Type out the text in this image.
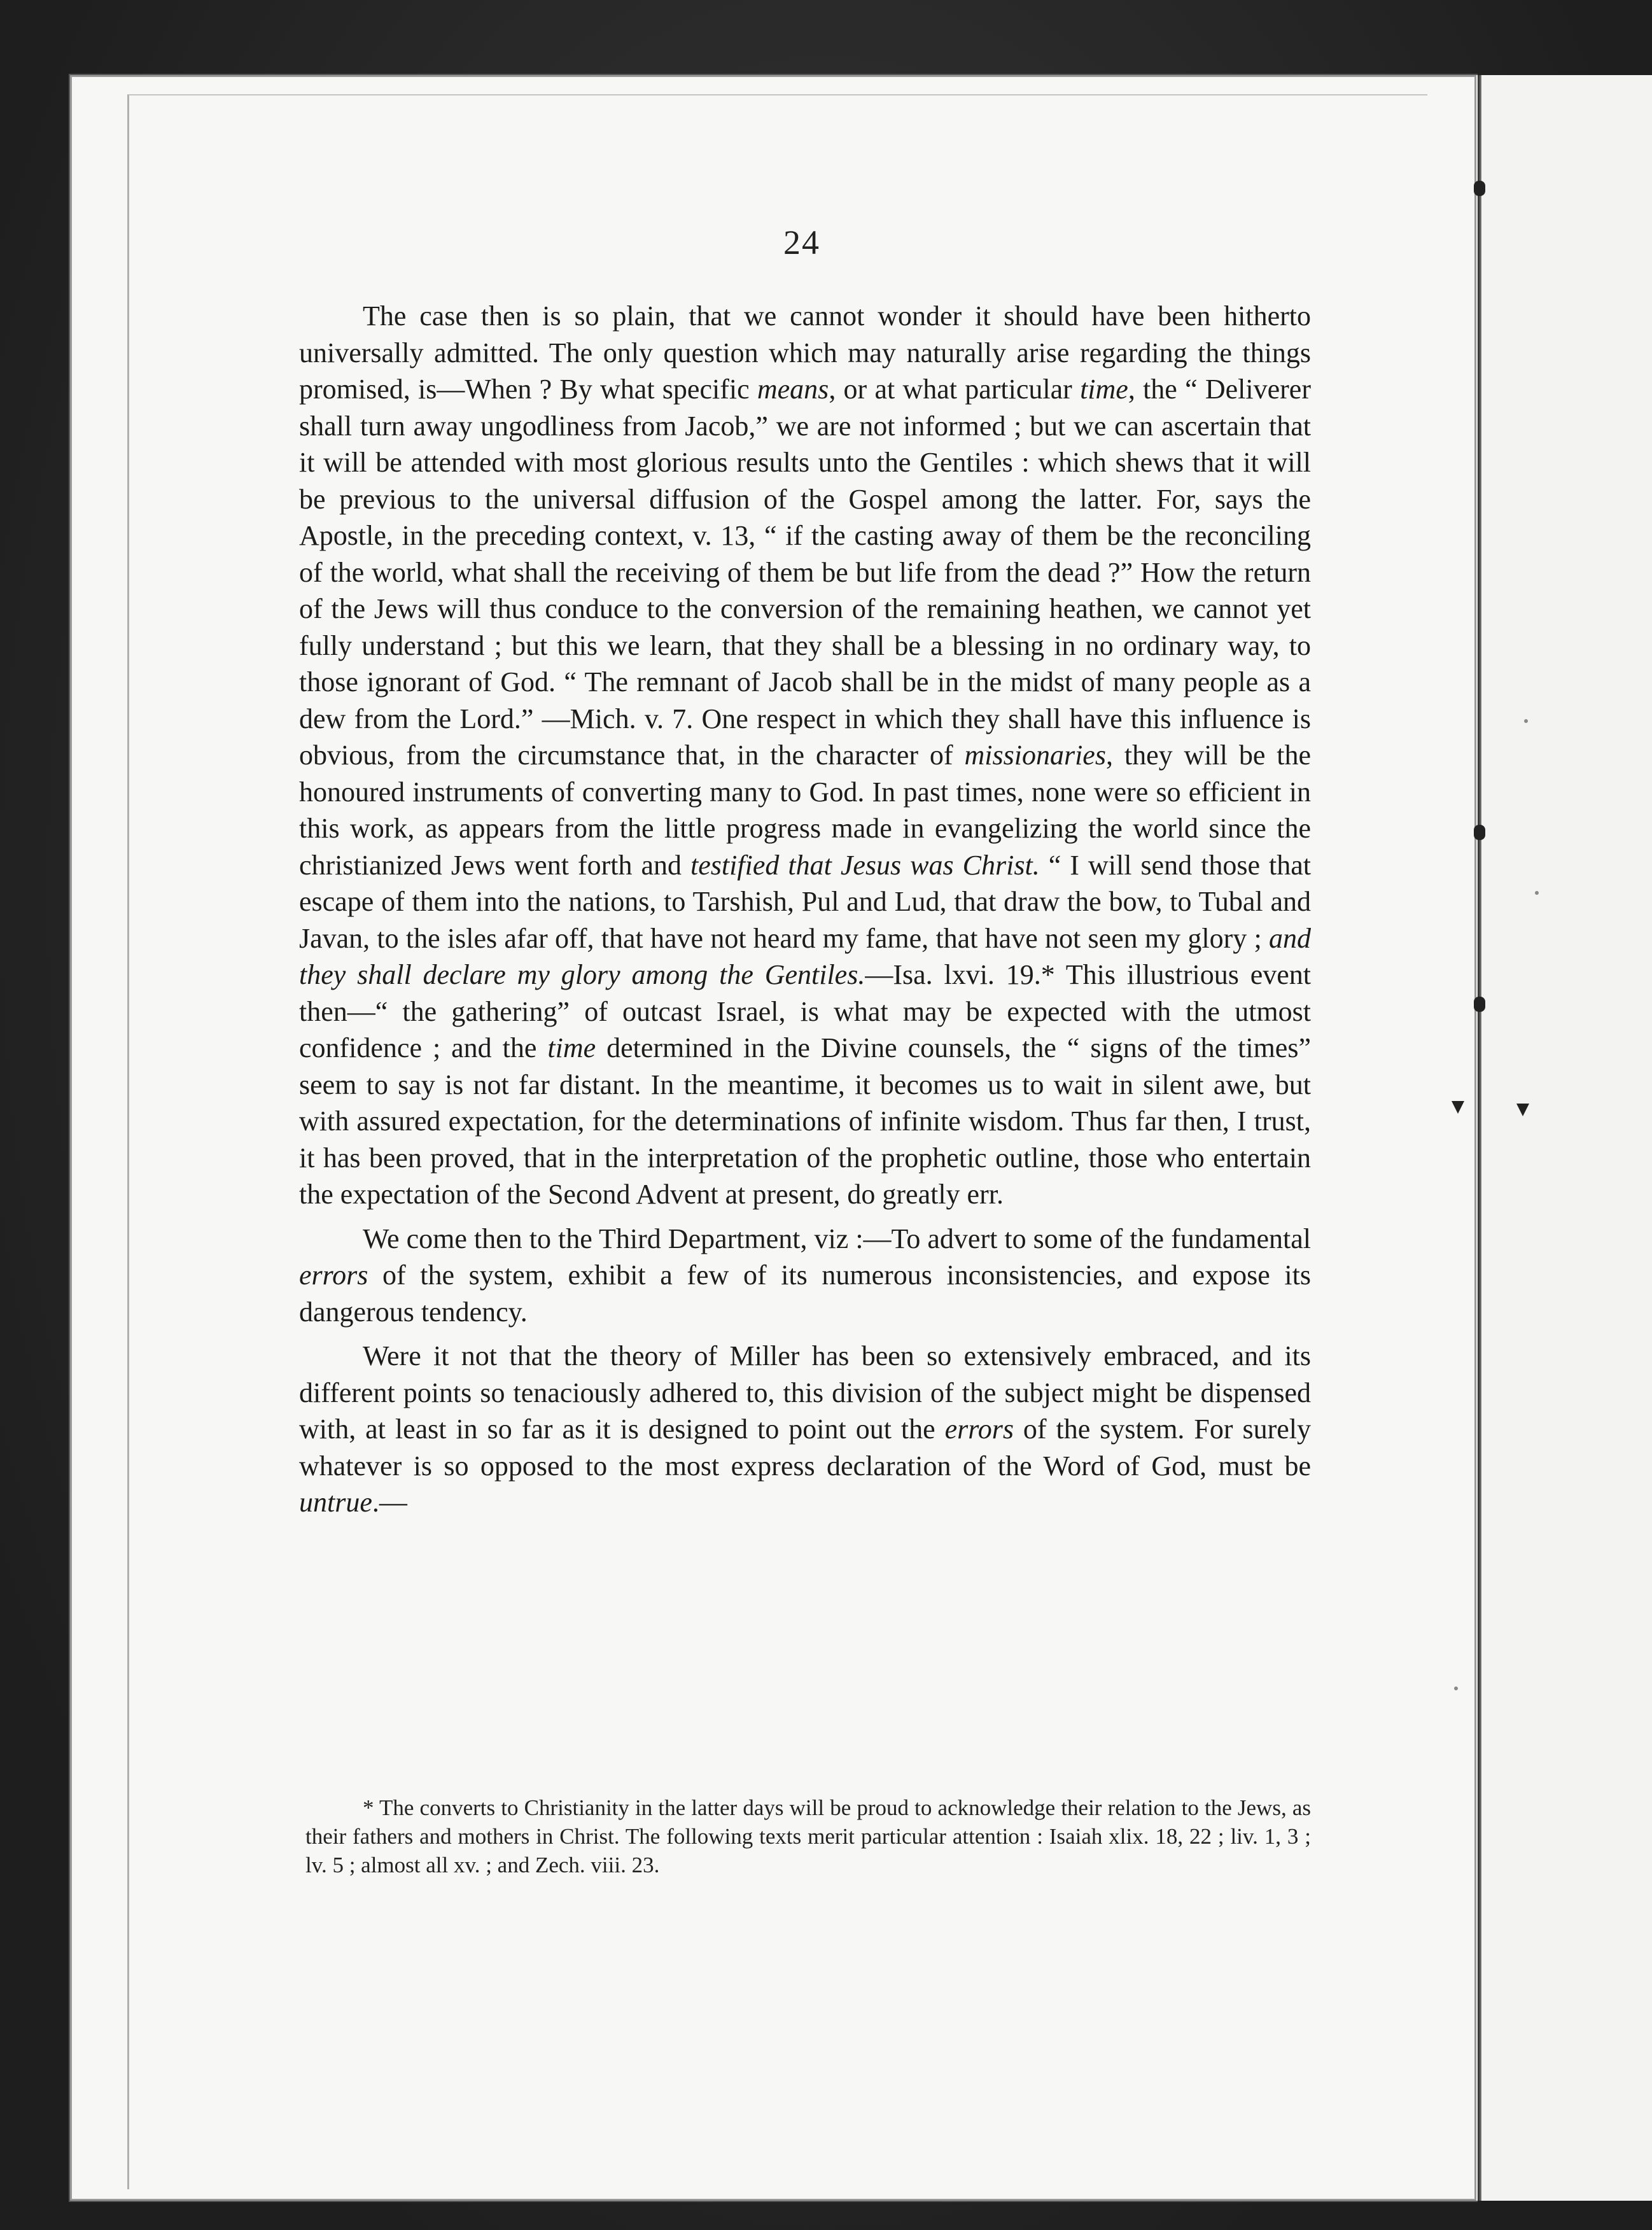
24

The case then is so plain, that we cannot wonder it should have been hitherto universally admitted. The only question which may naturally arise regarding the things promised, is—When ? By what specific means, or at what particular time, the “ Deliverer shall turn away ungodliness from Jacob,” we are not informed ; but we can ascertain that it will be attended with most glorious results unto the Gentiles : which shews that it will be previous to the universal diffusion of the Gospel among the latter. For, says the Apostle, in the preceding context, v. 13, “ if the casting away of them be the reconciling of the world, what shall the receiving of them be but life from the dead ?” How the return of the Jews will thus conduce to the conversion of the remaining heathen, we cannot yet fully understand ; but this we learn, that they shall be a blessing in no ordinary way, to those ignorant of God. “ The remnant of Jacob shall be in the midst of many people as a dew from the Lord.” —Mich. v. 7. One respect in which they shall have this influence is obvious, from the circumstance that, in the character of missionaries, they will be the honoured instruments of converting many to God. In past times, none were so efficient in this work, as appears from the little progress made in evangelizing the world since the christianized Jews went forth and testified that Jesus was Christ. “ I will send those that escape of them into the nations, to Tarshish, Pul and Lud, that draw the bow, to Tubal and Javan, to the isles afar off, that have not heard my fame, that have not seen my glory ; and they shall declare my glory among the Gentiles.—Isa. lxvi. 19.* This illustrious event then—“ the gathering” of outcast Israel, is what may be expected with the utmost confidence ; and the time determined in the Divine counsels, the “ signs of the times” seem to say is not far distant. In the meantime, it becomes us to wait in silent awe, but with assured expectation, for the determinations of infinite wisdom. Thus far then, I trust, it has been proved, that in the interpretation of the prophetic outline, those who entertain the expectation of the Second Advent at present, do greatly err.

We come then to the Third Department, viz :—To advert to some of the fundamental errors of the system, exhibit a few of its numerous inconsistencies, and expose its dangerous tendency.

Were it not that the theory of Miller has been so extensively embraced, and its different points so tenaciously adhered to, this division of the subject might be dispensed with, at least in so far as it is designed to point out the errors of the system. For surely whatever is so opposed to the most express declaration of the Word of God, must be untrue.—

* The converts to Christianity in the latter days will be proud to acknowledge their relation to the Jews, as their fathers and mothers in Christ. The following texts merit particular attention : Isaiah xlix. 18, 22 ; liv. 1, 3 ; lv. 5 ; almost all xv. ; and Zech. viii. 23.
